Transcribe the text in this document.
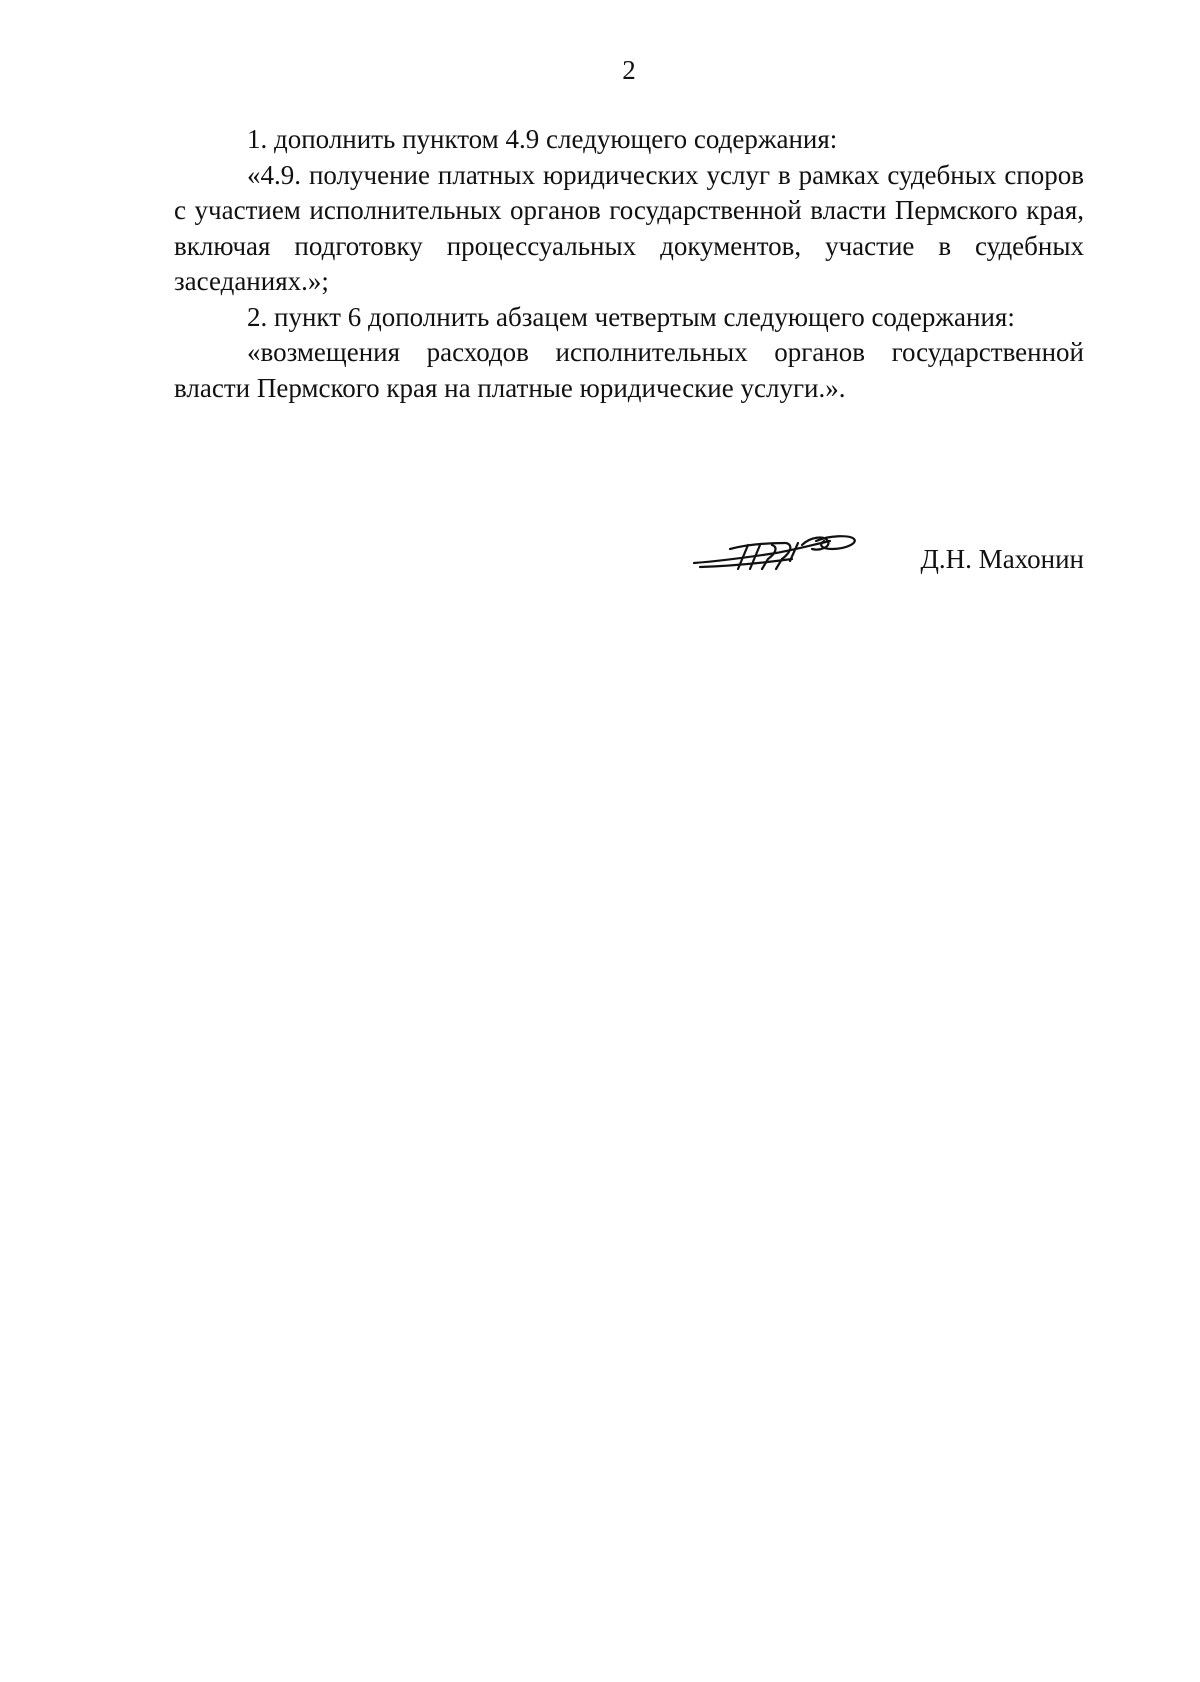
2

1. дополнить пунктом 4.9 следующего содержания:

«4.9. получение платных юридических услуг в рамках судебных споров с участием исполнительных органов государственной власти Пермского края, включая подготовку процессуальных документов, участие в судебных заседаниях.»;

2. пункт 6 дополнить абзацем четвертым следующего содержания:

«возмещения расходов исполнительных органов государственной власти Пермского края на платные юридические услуги.».

Д.Н. Махонин
